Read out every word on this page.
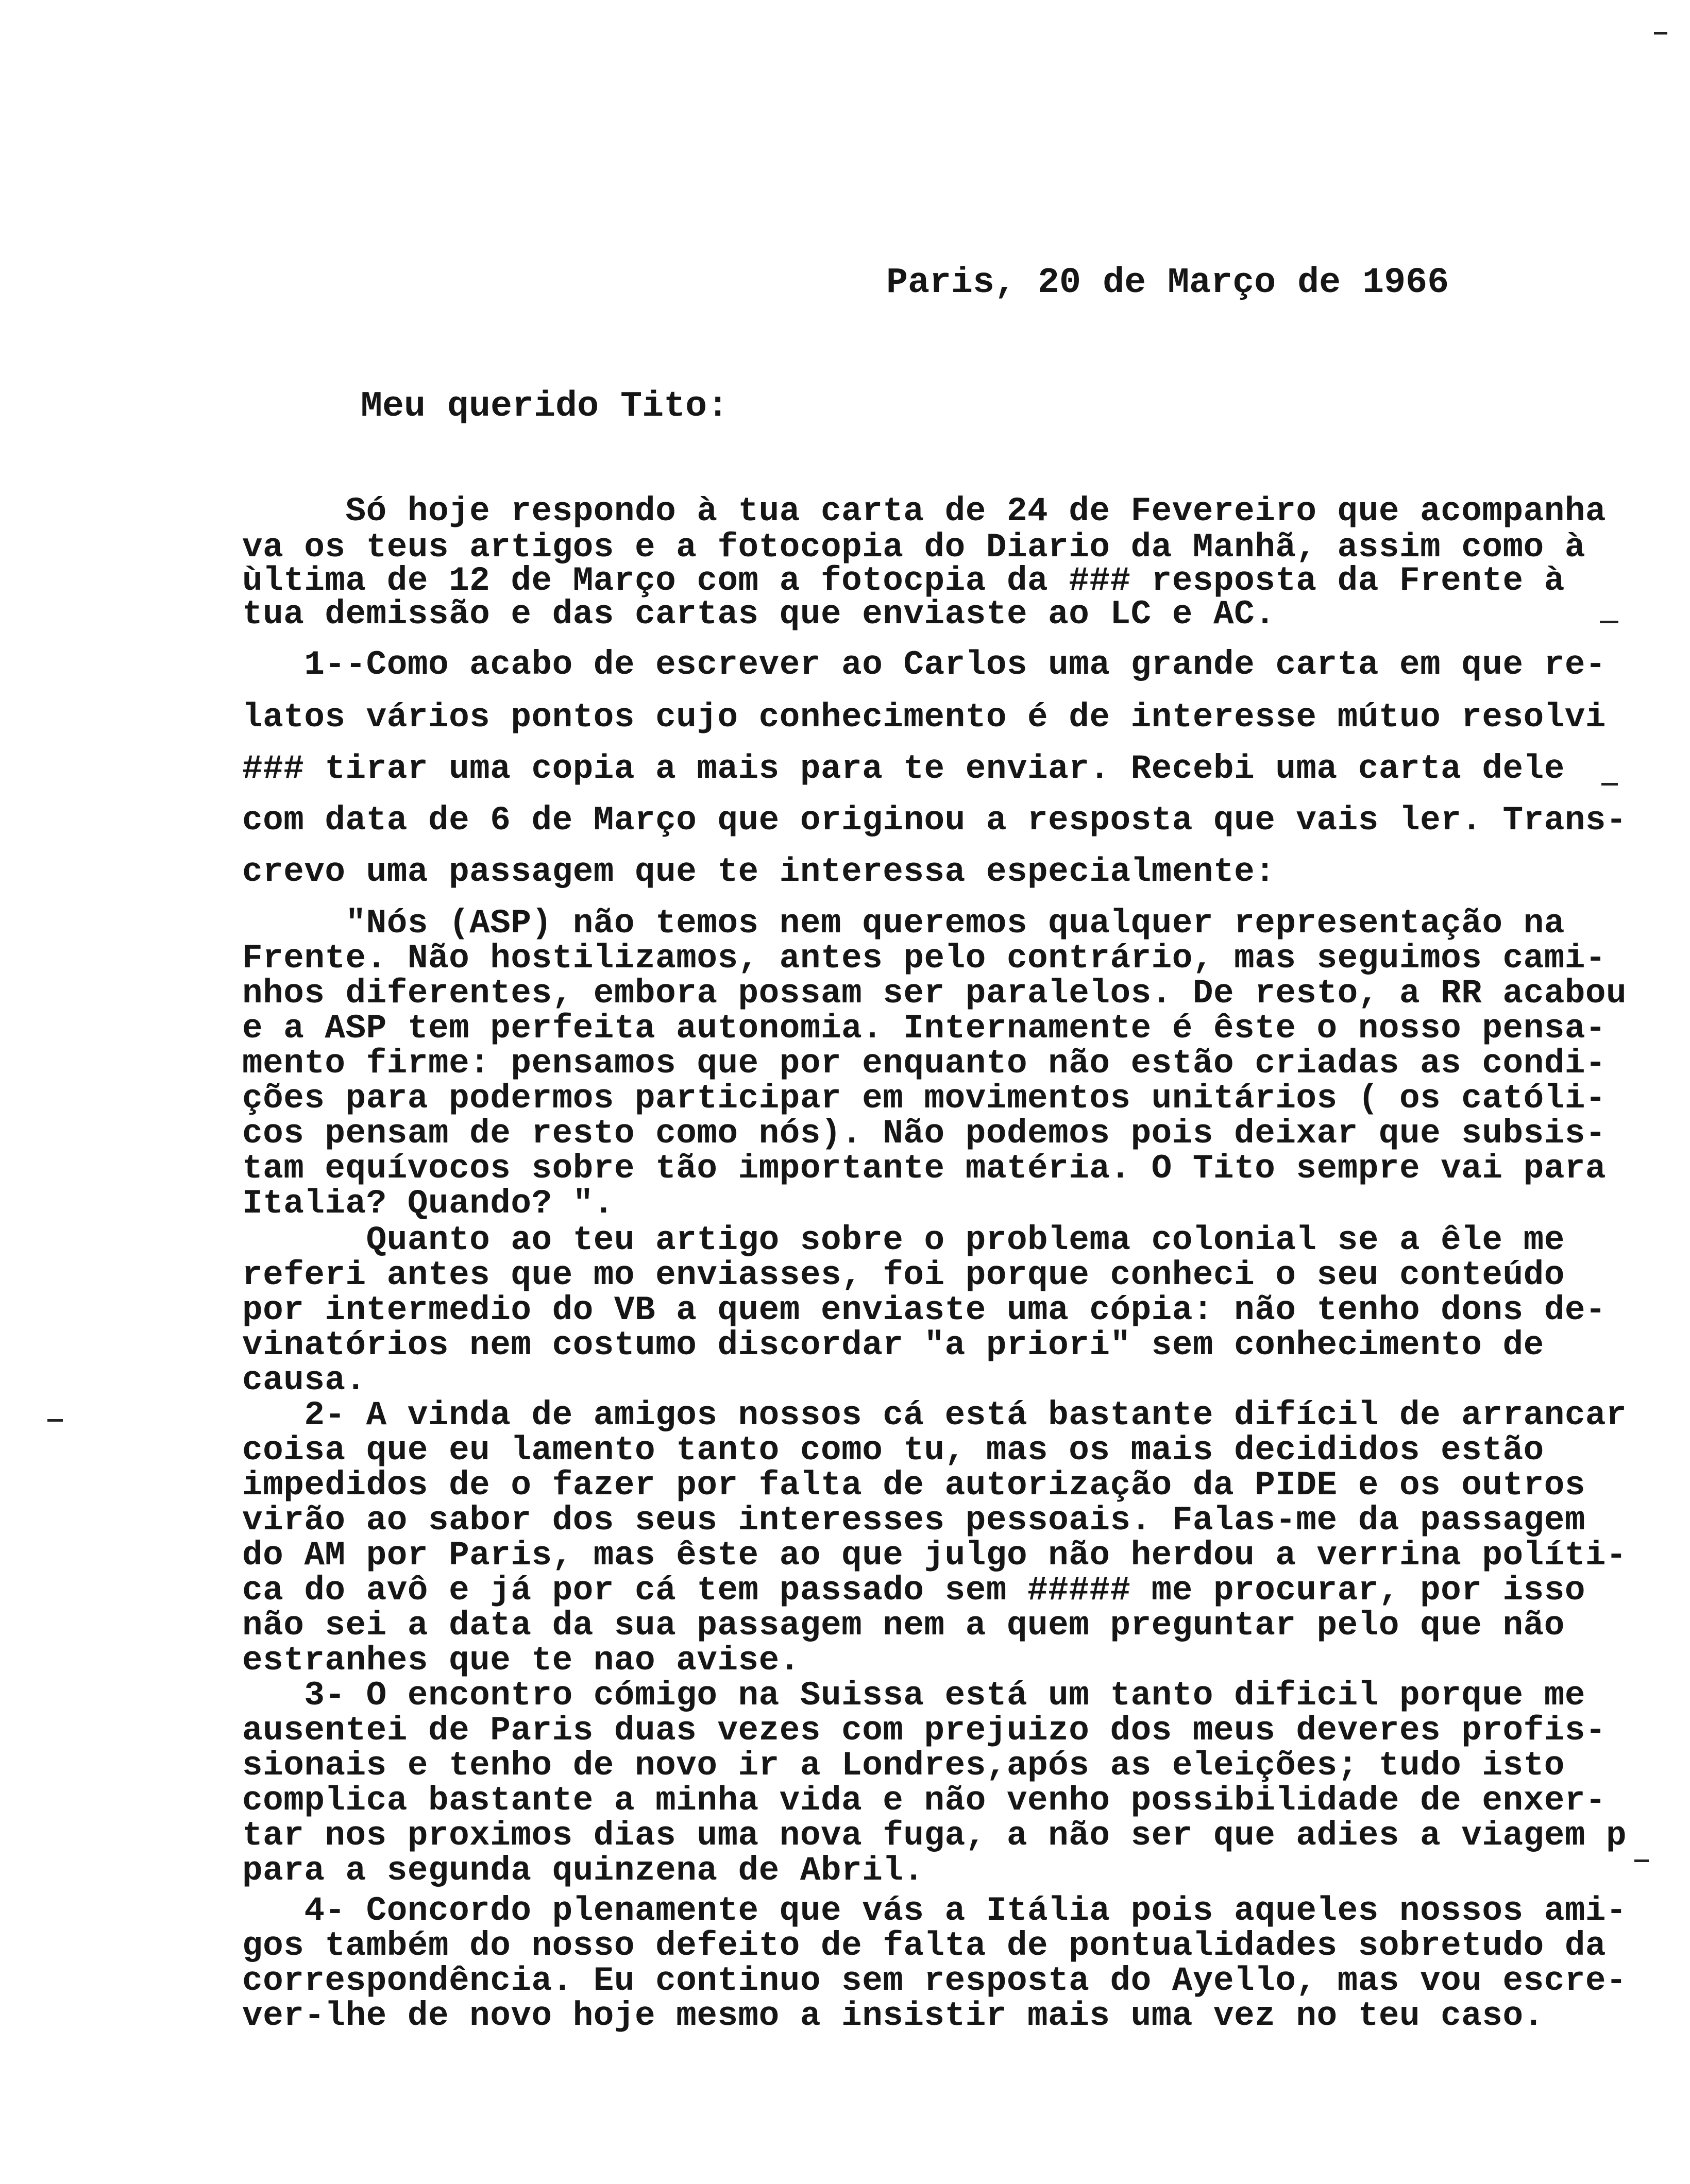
Paris, 20 de Março de 1966
Meu querido Tito:
Só hoje respondo à tua carta de 24 de Fevereiro que acompanha
va os teus artigos e a fotocopia do Diario da Manhã, assim como à
ùltima de 12 de Março com a fotocpia da ### resposta da Frente à
tua demissão e das cartas que enviaste ao LC e AC.
1--Como acabo de escrever ao Carlos uma grande carta em que re-
latos vários pontos cujo conhecimento é de interesse mútuo resolvi
### tirar uma copia a mais para te enviar. Recebi uma carta dele
com data de 6 de Março que originou a resposta que vais ler. Trans-
crevo uma passagem que te interessa especialmente:
"Nós (ASP) não temos nem queremos qualquer representação na
Frente. Não hostilizamos, antes pelo contrário, mas seguimos cami-
nhos diferentes, embora possam ser paralelos. De resto, a RR acabou
e a ASP tem perfeita autonomia. Internamente é êste o nosso pensa-
mento firme: pensamos que por enquanto não estão criadas as condi-
ções para podermos participar em movimentos unitários ( os católi-
cos pensam de resto como nós). Não podemos pois deixar que subsis-
tam equívocos sobre tão importante matéria. O Tito sempre vai para
Italia? Quando? ".
Quanto ao teu artigo sobre o problema colonial se a êle me
referi antes que mo enviasses, foi porque conheci o seu conteúdo
por intermedio do VB a quem enviaste uma cópia: não tenho dons de-
vinatórios nem costumo discordar "a priori" sem conhecimento de
causa.
2- A vinda de amigos nossos cá está bastante difícil de arrancar
coisa que eu lamento tanto como tu, mas os mais decididos estão
impedidos de o fazer por falta de autorização da PIDE e os outros
virão ao sabor dos seus interesses pessoais. Falas-me da passagem
do AM por Paris, mas êste ao que julgo não herdou a verrina políti-
ca do avô e já por cá tem passado sem ##### me procurar, por isso
não sei a data da sua passagem nem a quem preguntar pelo que não
estranhes que te nao avise.
3- O encontro cómigo na Suissa está um tanto dificil porque me
ausentei de Paris duas vezes com prejuizo dos meus deveres profis-
sionais e tenho de novo ir a Londres,após as eleições; tudo isto
complica bastante a minha vida e não venho possibilidade de enxer-
tar nos proximos dias uma nova fuga, a não ser que adies a viagem p
para a segunda quinzena de Abril.
4- Concordo plenamente que vás a Itália pois aqueles nossos ami-
gos também do nosso defeito de falta de pontualidades sobretudo da
correspondência. Eu continuo sem resposta do Ayello, mas vou escre-
ver-lhe de novo hoje mesmo a insistir mais uma vez no teu caso.
